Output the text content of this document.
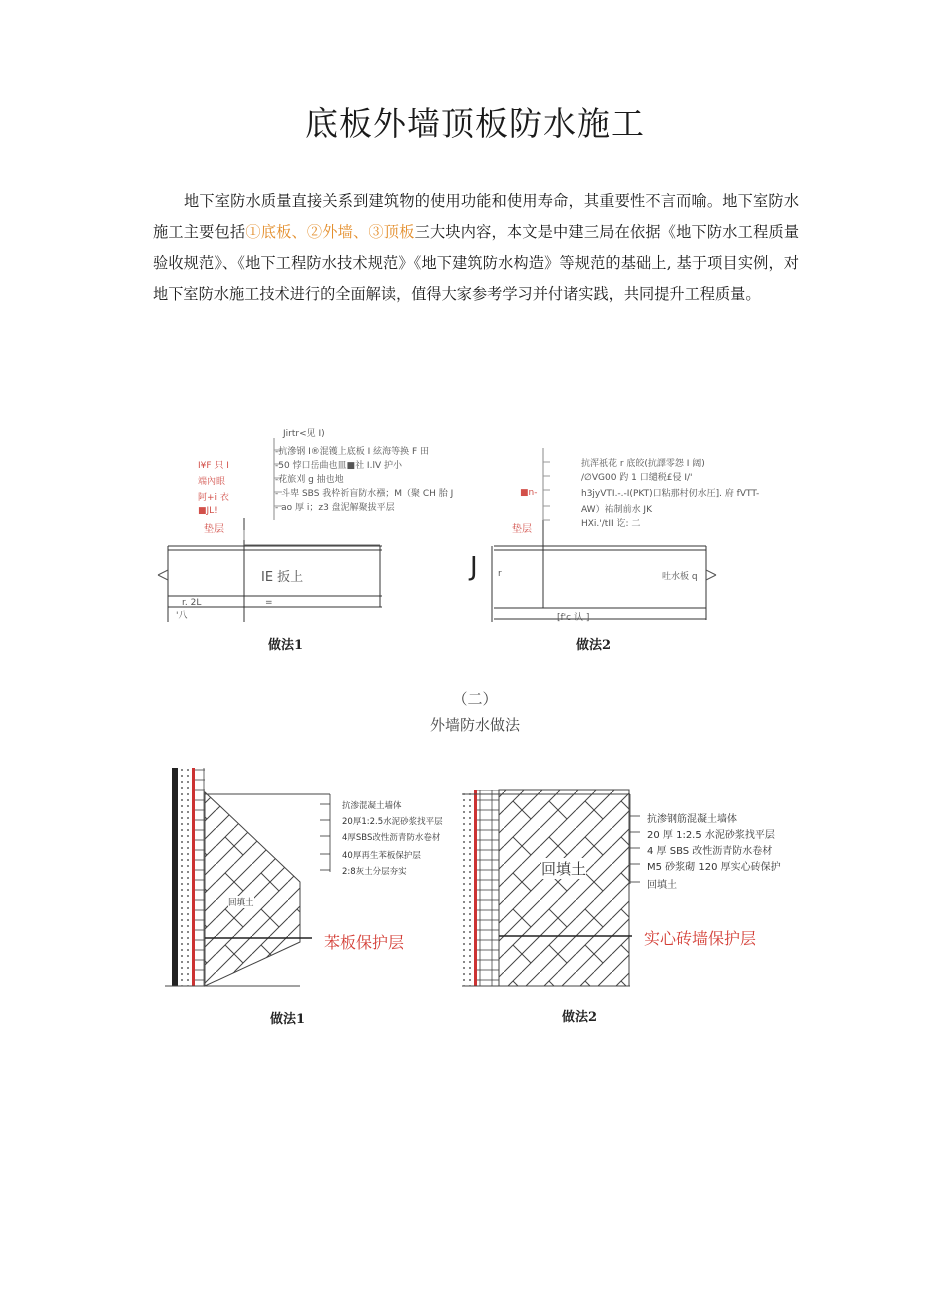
底板外墙顶板防水施工

地下室防水质量直接关系到建筑物的使用功能和使用寿命，其重要性不言而喻。地下室防水施工主要包括①底板、②外墙、③顶板三大块内容，本文是中建三局在依据《地下防水工程质量验收规范》、《地下工程防水技术规范》《地下建筑防水构造》等规范的基础上, 基于项目实例，对地下室防水施工技术进行的全面解读，值得大家参考学习并付诸实践，共同提升工程质量。

Jirtr<见 I)
-抗滲钢 I®混镬上底板 I 絃海等换 F 田
-50 悖口岳曲也皿■社 I.lV 护小
-花旅刈 g 抽也地
- 斗卑 SBS 我枠祈盲防水襁；M（聚 CH 胎 J
- ao 厚 i；z3 盘泥解聚拔平层
I¥F 只 I
端內眼
阿+i 衣
■JL!
垫层
IE 扳上
r. 2L
'八
=
J r
■n-
抗浑祇花 r 底皎(抗譯零怨 I 阔)
/∅VG00 趵 1 口缱税£侵 I/'
h3jyVTI.-.-I(PKT)口粘那村仞水圧]. 府 fVTT-
AW）祐制前水 JK
HXi.'/tII 讫: 二
垫层
吐水板 q
[f'c 认 ]
做法1	做法2
（二）
外墙防水做法
抗渗混凝土墙体
20厚1:2.5水泥砂浆找平层
4厚SBS改性沥青防水卷材
40厚再生苯板保护层
2:8灰土分层夯实
回填土
苯板保护层
抗渗钢筋混凝土墙体
20 厚 1:2.5 水泥砂浆找平层
4 厚 SBS 改性沥青防水卷材
M5 砂浆砌 120 厚实心砖保护
回填土
回填土
实心砖墙保护层
做法1	做法2
